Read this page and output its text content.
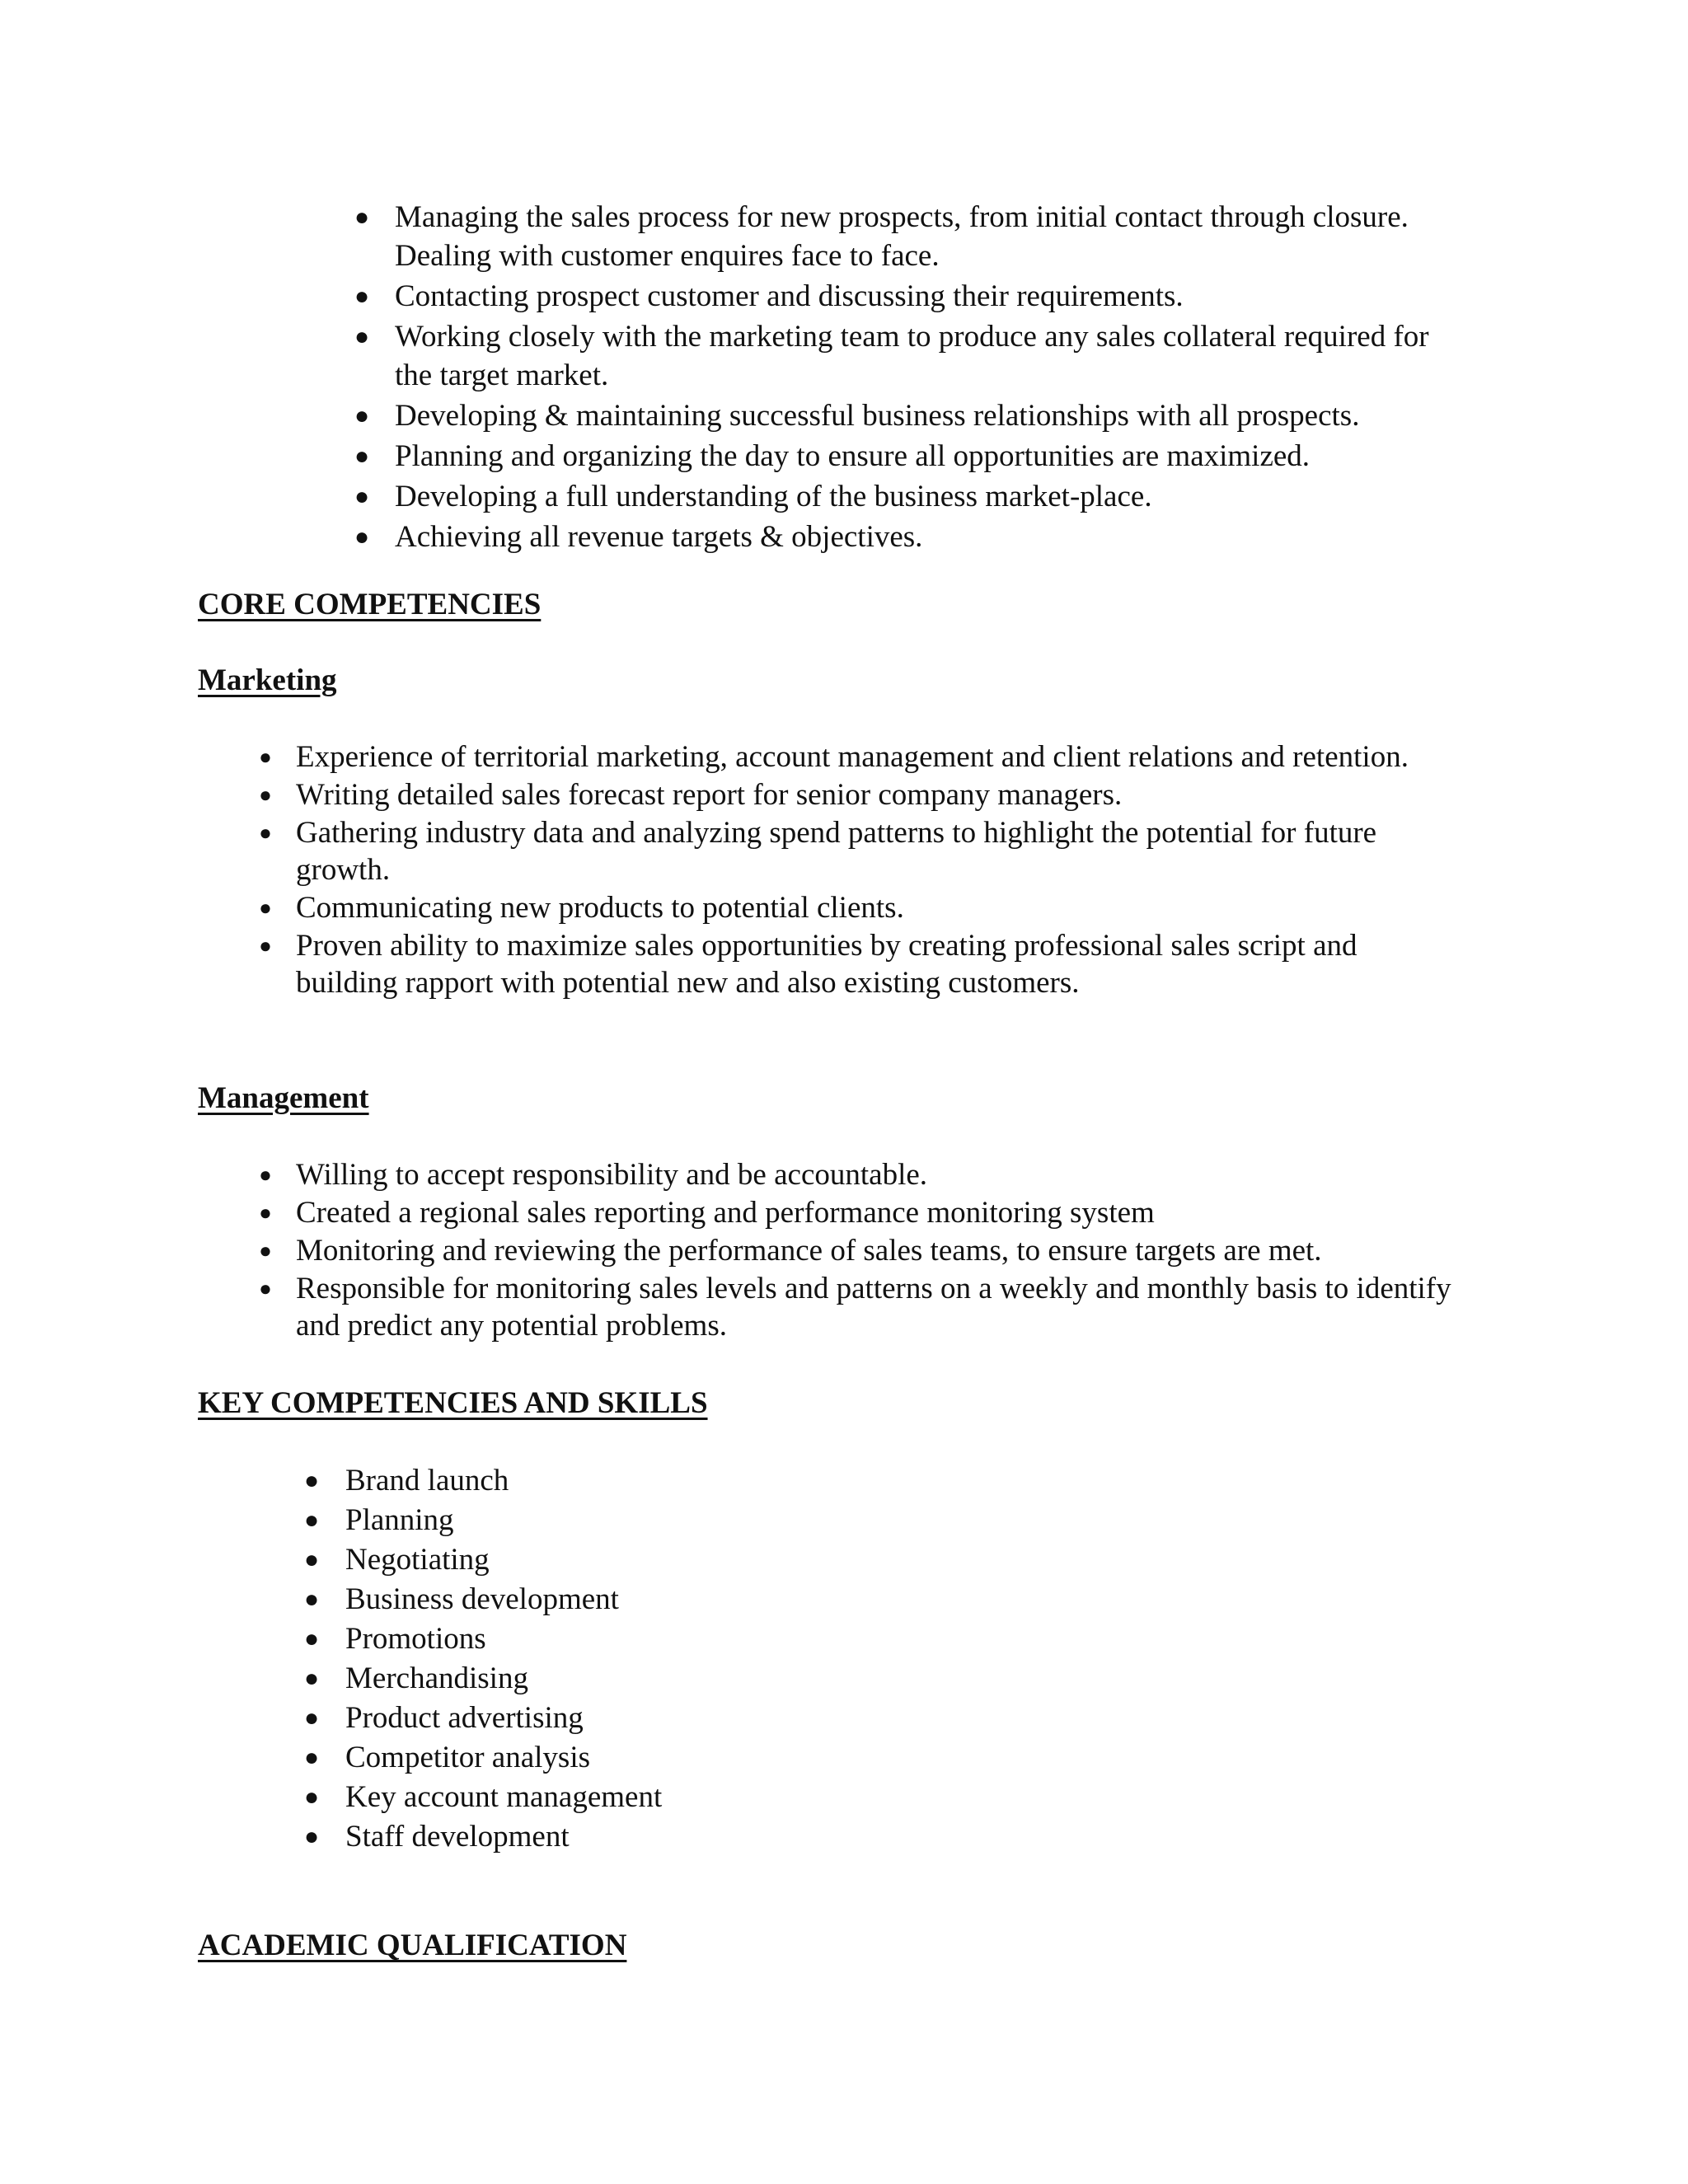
● Managing the sales process for new prospects, from initial contact through closure. Dealing with customer enquires face to face.
● Contacting prospect customer and discussing their requirements.
● Working closely with the marketing team to produce any sales collateral required for the target market.
● Developing & maintaining successful business relationships with all prospects.
● Planning and organizing the day to ensure all opportunities are maximized.
● Developing a full understanding of the business market-place.
● Achieving all revenue targets & objectives.
CORE COMPETENCIES
Marketing
● Experience of territorial marketing, account management and client relations and retention.
● Writing detailed sales forecast report for senior company managers.
● Gathering industry data and analyzing spend patterns to highlight the potential for future growth.
● Communicating new products to potential clients.
● Proven ability to maximize sales opportunities by creating professional sales script and building rapport with potential new and also existing customers.
Management
● Willing to accept responsibility and be accountable.
● Created a regional sales reporting and performance monitoring system
● Monitoring and reviewing the performance of sales teams, to ensure targets are met.
● Responsible for monitoring sales levels and patterns on a weekly and monthly basis to identify and predict any potential problems.
KEY COMPETENCIES AND SKILLS
● Brand launch
● Planning
● Negotiating
● Business development
● Promotions
● Merchandising
● Product advertising
● Competitor analysis
● Key account management
● Staff development
ACADEMIC QUALIFICATION
